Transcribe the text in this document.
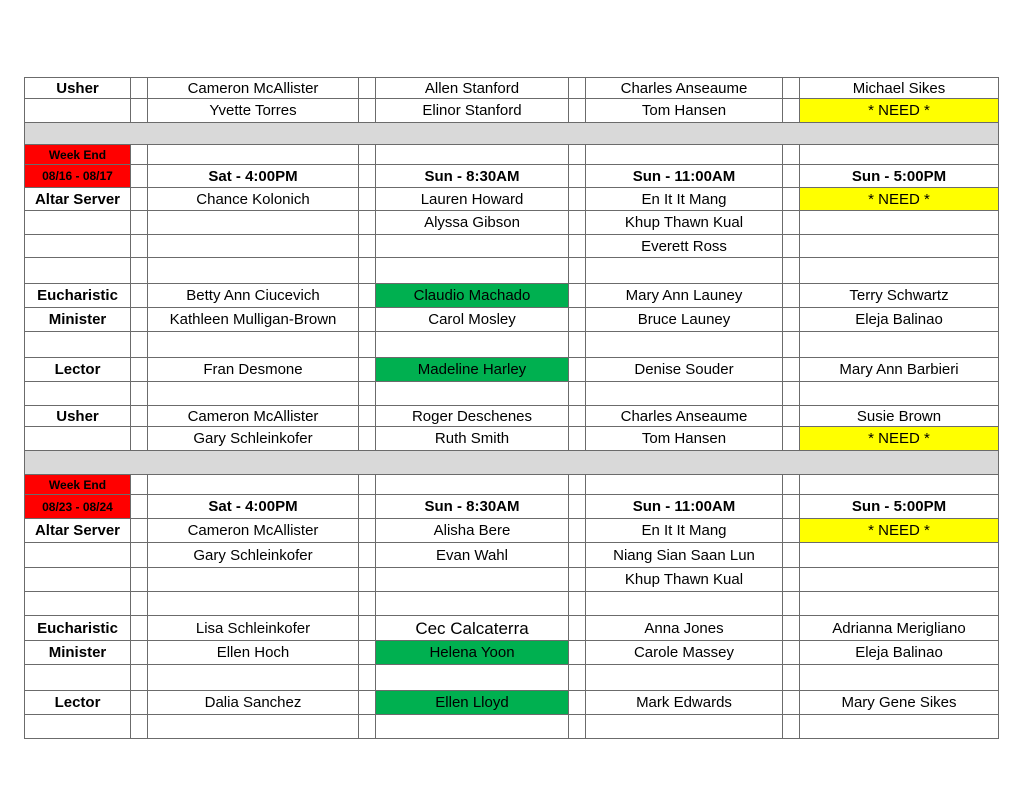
Usher		Cameron McAllister		Allen Stanford		Charles Anseaume		Michael Sikes
		Yvette Torres		Elinor Stanford		Tom Hansen		* NEED *

Week End								
08/16 - 08/17		Sat - 4:00PM		Sun - 8:30AM		Sun - 11:00AM		Sun - 5:00PM
Altar Server		Chance Kolonich		Lauren Howard		En It It Mang		* NEED *
				Alyssa Gibson		Khup Thawn Kual		
						Everett Ross		

Eucharistic		Betty Ann Ciucevich		Claudio Machado		Mary Ann Launey		Terry Schwartz
Minister		Kathleen Mulligan-Brown		Carol Mosley		Bruce Launey		Eleja Balinao

Lector		Fran Desmone		Madeline Harley		Denise Souder		Mary Ann Barbieri

Usher		Cameron McAllister		Roger Deschenes		Charles Anseaume		Susie Brown
		Gary Schleinkofer		Ruth Smith		Tom Hansen		* NEED *

Week End								
08/23 - 08/24		Sat - 4:00PM		Sun - 8:30AM		Sun - 11:00AM		Sun - 5:00PM
Altar Server		Cameron McAllister		Alisha Bere		En It It Mang		* NEED *
		Gary Schleinkofer		Evan Wahl		Niang Sian Saan Lun		
						Khup Thawn Kual		

Eucharistic		Lisa Schleinkofer		Cec Calcaterra		Anna Jones		Adrianna Merigliano
Minister		Ellen Hoch		Helena Yoon		Carole Massey		Eleja Balinao

Lector		Dalia Sanchez		Ellen Lloyd		Mark Edwards		Mary Gene Sikes
